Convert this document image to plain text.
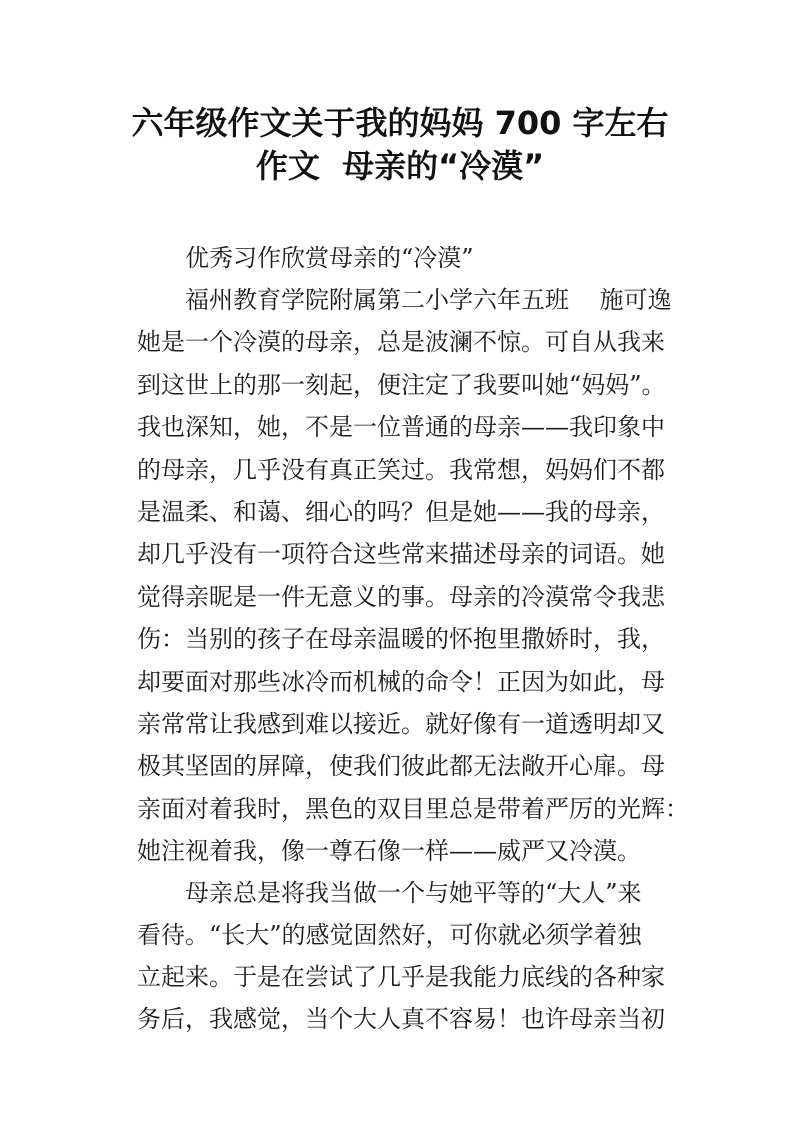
六年级作文关于我的妈妈 700 字左右
作文  母亲的“冷漠”
优秀习作欣赏母亲的“冷漠”
福州教育学院附属第二小学六年五班    施可逸
她是一个冷漠的母亲，总是波澜不惊。可自从我来
到这世上的那一刻起，便注定了我要叫她“妈妈”。
我也深知，她，不是一位普通的母亲——我印象中
的母亲，几乎没有真正笑过。我常想，妈妈们不都
是温柔、和蔼、细心的吗？但是她——我的母亲，
却几乎没有一项符合这些常来描述母亲的词语。她
觉得亲昵是一件无意义的事。母亲的冷漠常令我悲
伤：当别的孩子在母亲温暖的怀抱里撒娇时，我，
却要面对那些冰冷而机械的命令！正因为如此，母
亲常常让我感到难以接近。就好像有一道透明却又
极其坚固的屏障，使我们彼此都无法敞开心扉。母
亲面对着我时，黑色的双目里总是带着严厉的光辉：
她注视着我，像一尊石像一样——威严又冷漠。
母亲总是将我当做一个与她平等的“大人”来
看待。“长大”的感觉固然好，可你就必须学着独
立起来。于是在尝试了几乎是我能力底线的各种家
务后，我感觉，当个大人真不容易！也许母亲当初
